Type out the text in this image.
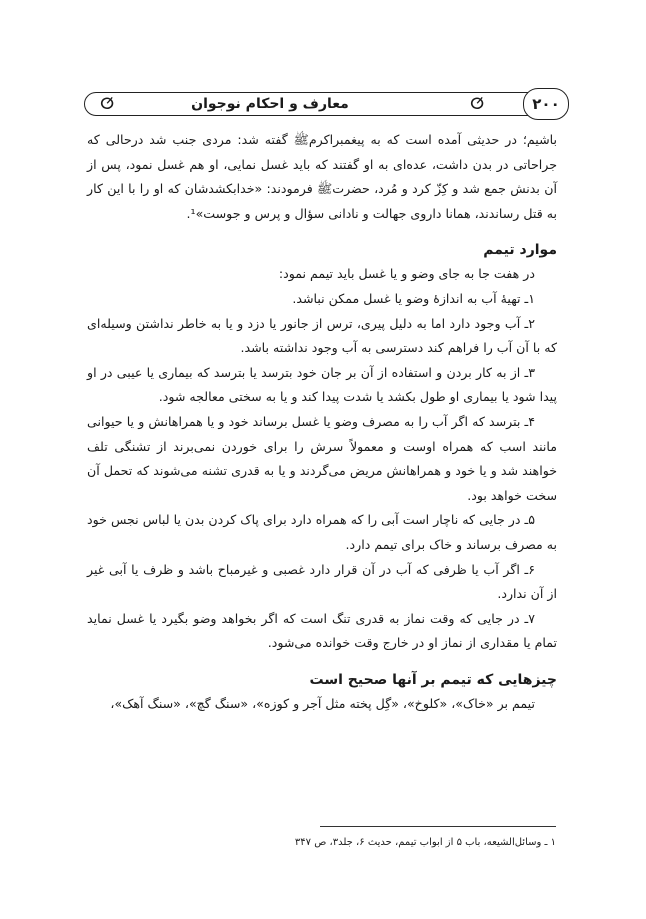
۲۰۰
ⵚ	ⵚ
معارف و احکام نوجوان

باشیم؛ در حدیثی آمده است که به پیغمبراکرمﷺ گفته شد: مردی جنب شد در‌حالی که جراحاتی در بدن داشت، عده‌ای به او گفتند که باید غسل نمایی، او هم غسل نمود، پس از آن بدنش جمع شد و کِزّ کرد و مُرد، حضرتﷺ فرمودند: «خدابکشدشان که او را با این کار به قتل رساندند، همانا داروی جهالت و نادانی سؤال و پرس و جوست»¹.

موارد تیمم

در هفت جا به جای وضو و یا غسل باید تیمم نمود:

۱ـ تهیهٔ آب به اندازهٔ وضو یا غسل ممکن نباشد.

۲ـ آب وجود دارد اما به دلیل پیری، ترس از جانور یا دزد و یا به خاطر نداشتن وسیله‌ای که با آن آب را فراهم کند دسترسی به آب وجود نداشته باشد.

۳ـ از به کار بردن و استفاده از آن بر جان خود بترسد یا بترسد که بیماری یا عیبی در او پیدا شود یا بیماری او طول بکشد یا شدت پیدا کند و یا به سختی معالجه شود.

۴ـ بترسد که اگر آب را به مصرف وضو یا غسل برساند خود و یا همراهانش و یا حیوانی مانند اسب که همراه اوست و معمولاً سرش را برای خوردن نمی‌برند از تشنگی تلف خواهند شد و یا خود و همراهانش مریض می‌گردند و یا به قدری تشنه می‌شوند که تحمل آن سخت خواهد بود.

۵ـ در جایی که ناچار است آبی را که همراه دارد برای پاک کردن بدن یا لباس نجس خود به مصرف برساند و خاک برای تیمم دارد.

۶ـ اگر آب یا ظرفی که آب در آن قرار دارد غصبی و غیرمباح باشد و ظرف یا آبی غیر از آن ندارد.

۷ـ در جایی که وقت نماز به قدری تنگ است که اگر بخواهد وضو بگیرد یا غسل نماید تمام یا مقداری از نماز او در خارج وقت خوانده می‌شود.

چیزهایی که تیمم بر آنها صحیح است

تیمم بر «خاک»، «کلوخ»، «گِل پخته مثل آجر و کوزه»، «سنگ گچ»، «سنگ آهک»،

۱ ـ وسائل‌الشیعه، باب ۵ از ابواب تیمم، حدیث ۶، جلد۳، ص ۳۴۷
